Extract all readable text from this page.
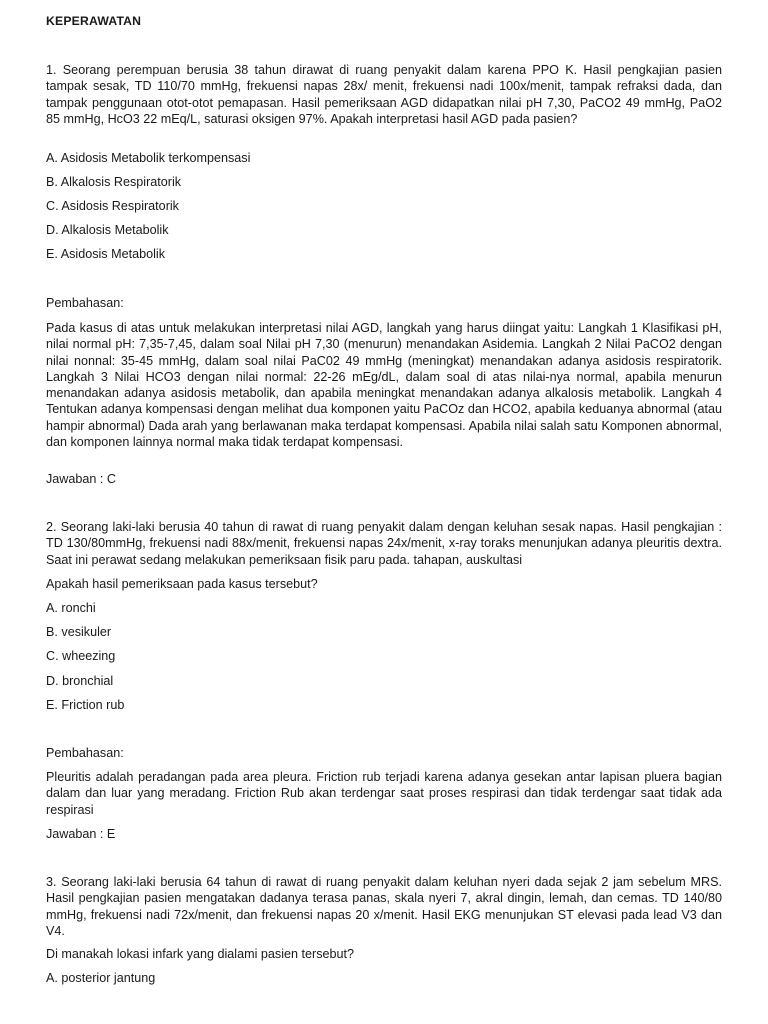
KEPERAWATAN

1. Seorang perempuan berusia 38 tahun dirawat di ruang penyakit dalam karena PPO K. Hasil pengkajian pasien tampak sesak, TD 110/70 mmHg, frekuensi napas 28x/ menit, frekuensi nadi 100x/menit, tampak refraksi dada, dan tampak penggunaan otot-otot pemapasan. Hasil pemeriksaan AGD didapatkan nilai pH 7,30, PaCO2 49 mmHg, PaO2 85 mmHg, HcO3 22 mEq/L, saturasi oksigen 97%. Apakah interpretasi hasil AGD pada pasien?

A. Asidosis Metabolik terkompensasi

B. Alkalosis Respiratorik

C. Asidosis Respiratorik

D. Alkalosis Metabolik

E. Asidosis Metabolik

Pembahasan:

Pada kasus di atas untuk melakukan interpretasi nilai AGD, langkah yang harus diingat yaitu: Langkah 1 Klasifikasi pH, nilai normal pH: 7,35-7,45, dalam soal Nilai pH 7,30 (menurun) menandakan Asidemia. Langkah 2 Nilai PaCO2 dengan nilai nonnal: 35-45 mmHg, dalam soal nilai PaC02 49 mmHg (meningkat) menandakan adanya asidosis respiratorik. Langkah 3 Nilai HCO3 dengan nilai normal: 22-26 mEg/dL, dalam soal di atas nilai-nya normal, apabila menurun menandakan adanya asidosis metabolik, dan apabila meningkat menandakan adanya alkalosis metabolik. Langkah 4 Tentukan adanya kompensasi dengan melihat dua komponen yaitu PaCOz dan HCO2, apabila keduanya abnormal (atau hampir abnormal) Dada arah yang berlawanan maka terdapat kompensasi. Apabila nilai salah satu Komponen abnormal, dan komponen lainnya normal maka tidak terdapat kompensasi.

Jawaban : C

2. Seorang laki-laki berusia 40 tahun di rawat di ruang penyakit dalam dengan keluhan sesak napas. Hasil pengkajian : TD 130/80mmHg, frekuensi nadi 88x/menit, frekuensi napas 24x/menit, x-ray toraks menunjukan adanya pleuritis dextra. Saat ini perawat sedang melakukan pemeriksaan fisik paru pada. tahapan, auskultasi

Apakah hasil pemeriksaan pada kasus tersebut?

A. ronchi

B. vesikuler

C. wheezing

D. bronchial

E. Friction rub

Pembahasan:

Pleuritis adalah peradangan pada area pleura. Friction rub terjadi karena adanya gesekan antar lapisan pluera bagian dalam dan luar yang meradang. Friction Rub akan terdengar saat proses respirasi dan tidak terdengar saat tidak ada respirasi

Jawaban : E

3. Seorang laki-laki berusia 64 tahun di rawat di ruang penyakit dalam keluhan nyeri dada sejak 2 jam sebelum MRS. Hasil pengkajian pasien mengatakan dadanya terasa panas, skala nyeri 7, akral dingin, lemah, dan cemas. TD 140/80 mmHg, frekuensi nadi 72x/menit, dan frekuensi napas 20 x/menit. Hasil EKG menunjukan ST elevasi pada lead V3 dan V4.

Di manakah lokasi infark yang dialami pasien tersebut?

A. posterior jantung
